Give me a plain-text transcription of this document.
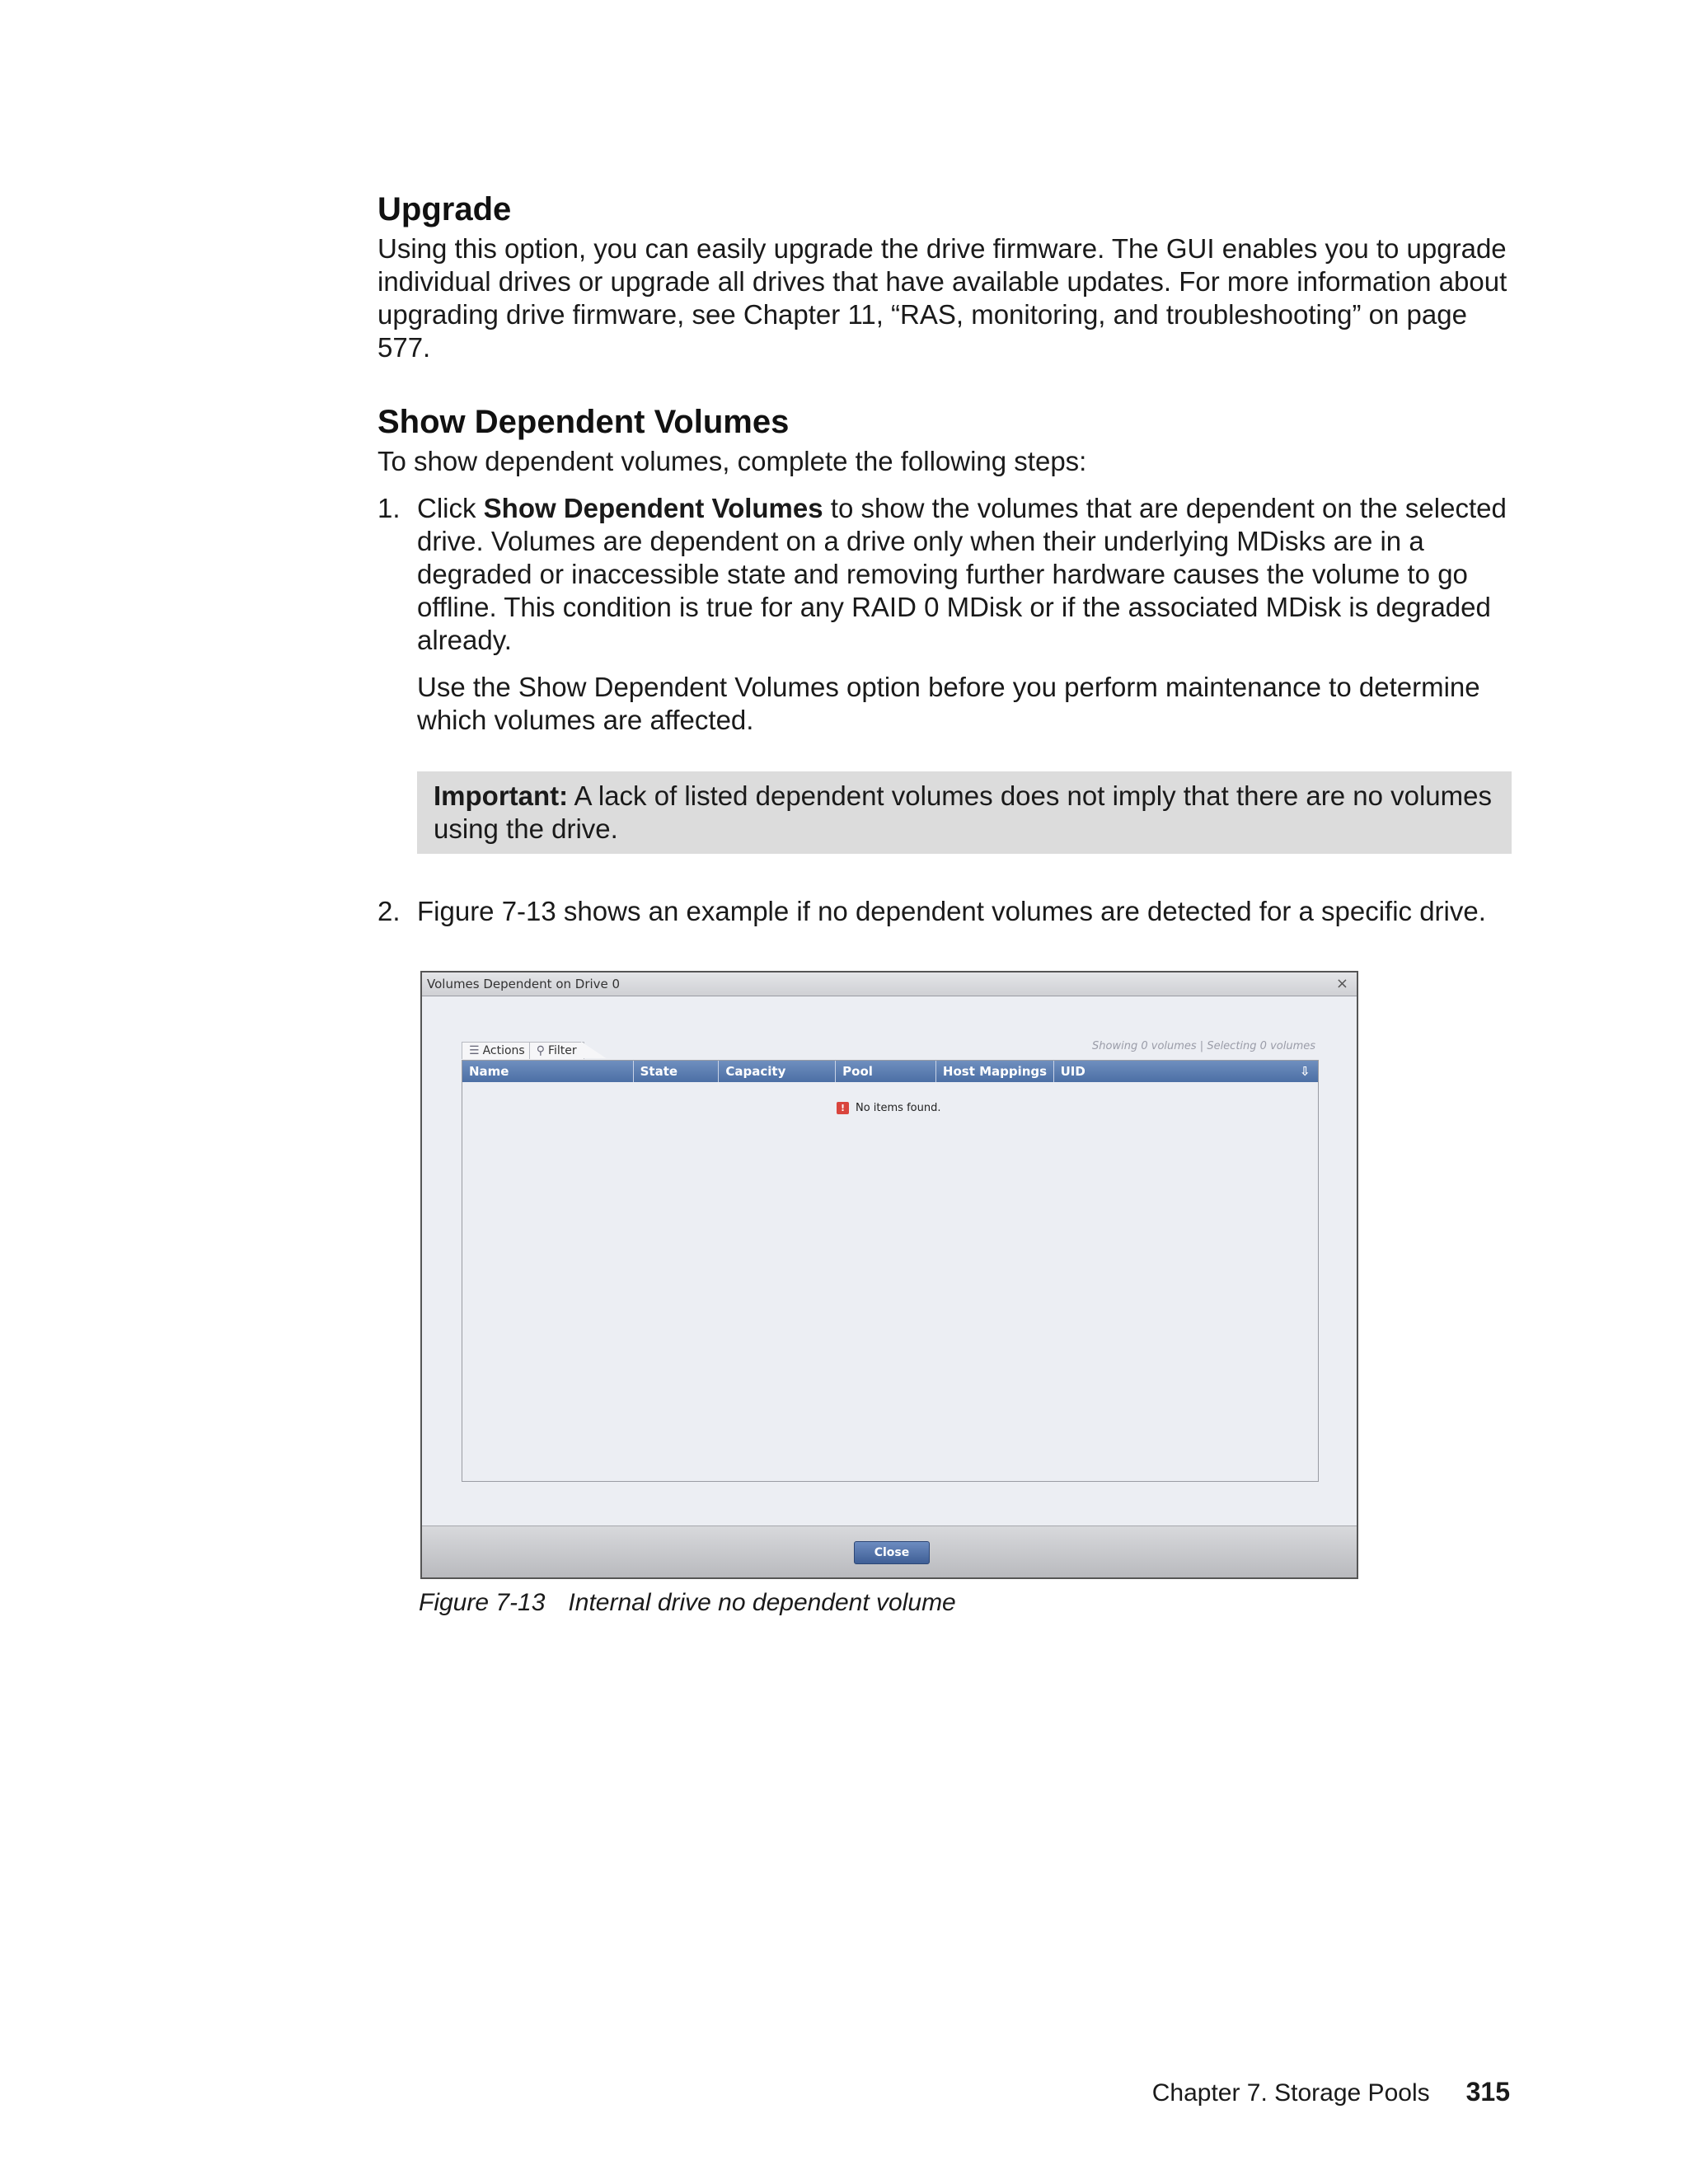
Upgrade

Using this option, you can easily upgrade the drive firmware. The GUI enables you to upgrade individual drives or upgrade all drives that have available updates. For more information about upgrading drive firmware, see Chapter 11, “RAS, monitoring, and troubleshooting” on page 577.

Show Dependent Volumes

To show dependent volumes, complete the following steps:

1. Click Show Dependent Volumes to show the volumes that are dependent on the selected drive. Volumes are dependent on a drive only when their underlying MDisks are in a degraded or inaccessible state and removing further hardware causes the volume to go offline. This condition is true for any RAID 0 MDisk or if the associated MDisk is degraded already.

Use the Show Dependent Volumes option before you perform maintenance to determine which volumes are affected.

Important: A lack of listed dependent volumes does not imply that there are no volumes using the drive.
2. Figure 7-13 shows an example if no dependent volumes are detected for a specific drive.
Volumes Dependent on Drive 0	×
☰ Actions ⚲ Filter	Showing 0 volumes | Selecting 0 volumes
Name	State	Capacity	Pool	Host Mappings	UID	⇩
! No items found.
Close
Figure 7-13 Internal drive no dependent volume
Chapter 7. Storage Pools 315
